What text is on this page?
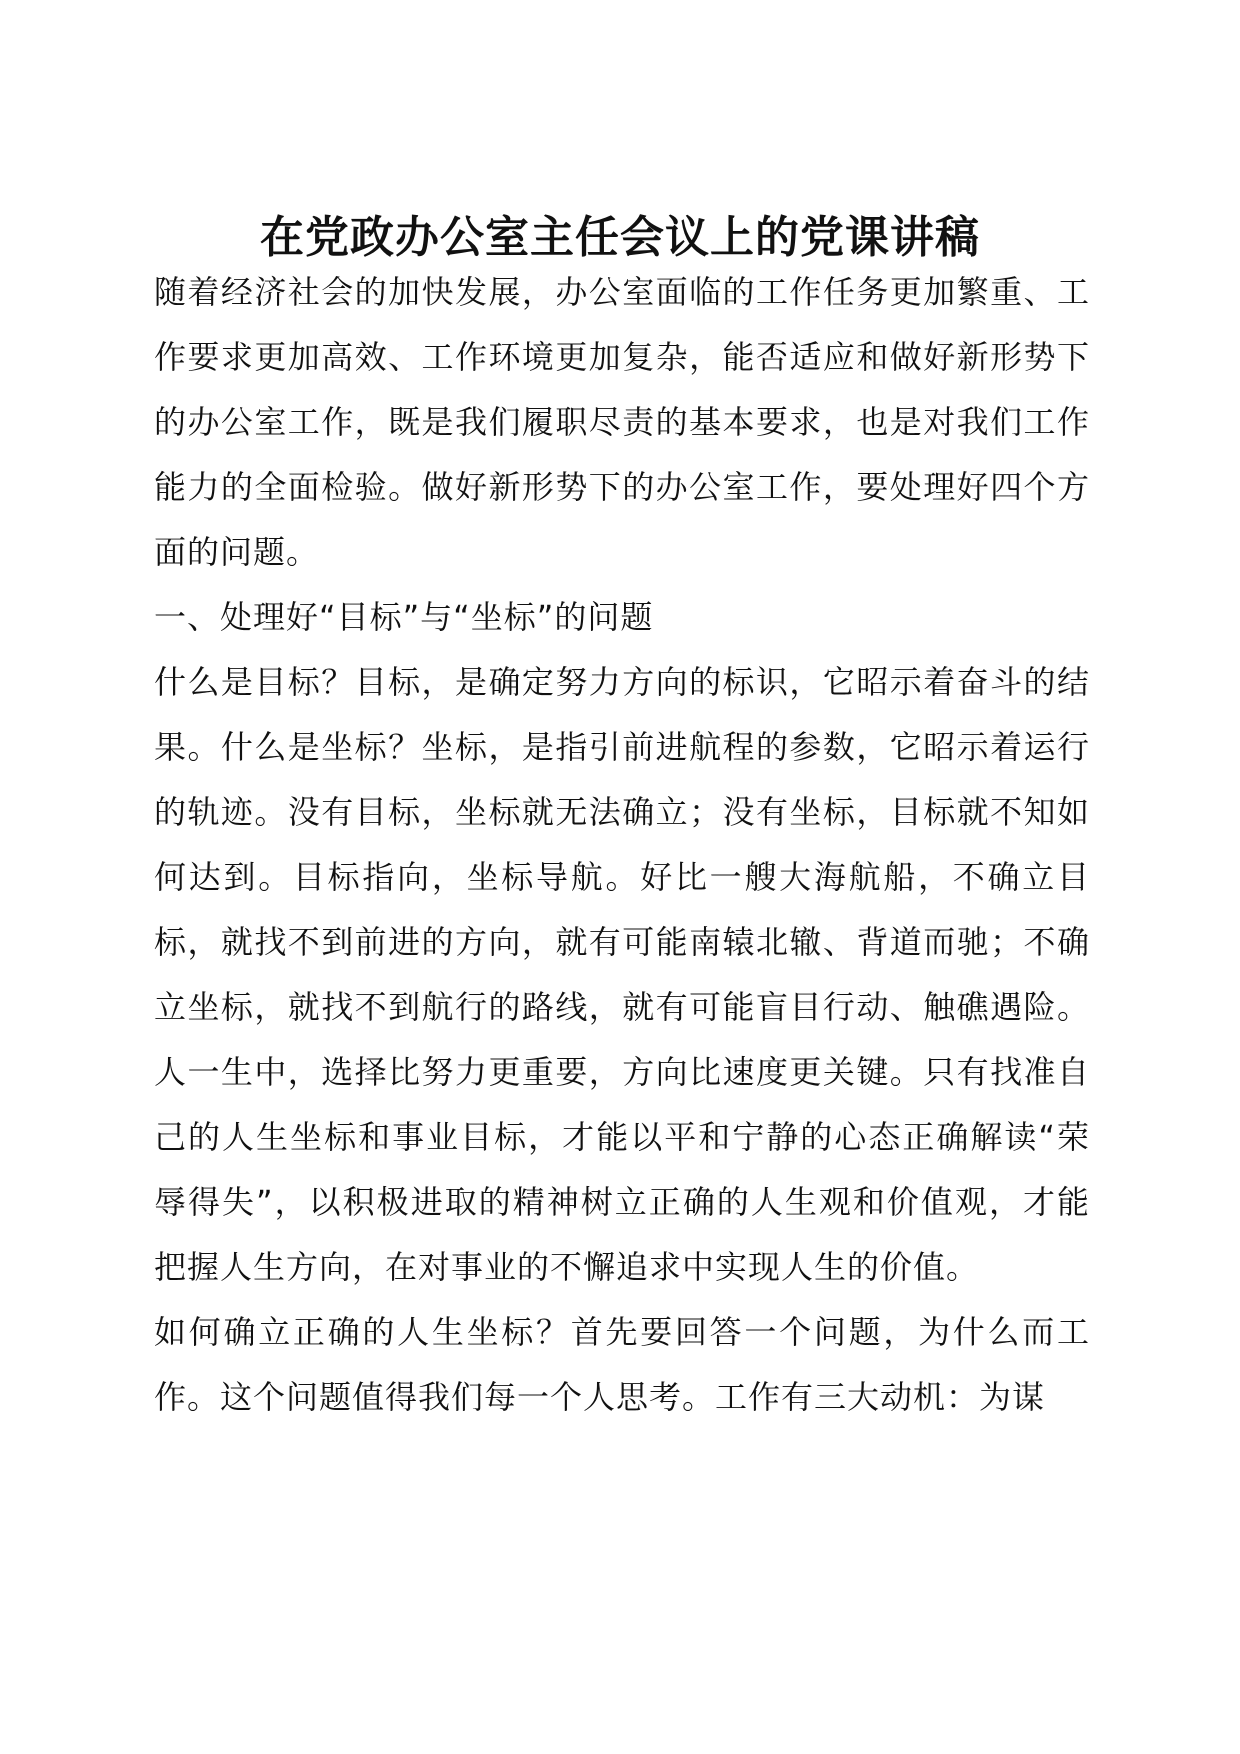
在党政办公室主任会议上的党课讲稿

随着经济社会的加快发展，办公室面临的工作任务更加繁重、工作要求更加高效、工作环境更加复杂，能否适应和做好新形势下的办公室工作，既是我们履职尽责的基本要求，也是对我们工作能力的全面检验。做好新形势下的办公室工作，要处理好四个方面的问题。

一、处理好“目标”与“坐标”的问题

什么是目标？目标，是确定努力方向的标识，它昭示着奋斗的结果。什么是坐标？坐标，是指引前进航程的参数，它昭示着运行的轨迹。没有目标，坐标就无法确立；没有坐标，目标就不知如何达到。目标指向，坐标导航。好比一艘大海航船，不确立目标，就找不到前进的方向，就有可能南辕北辙、背道而驰；不确立坐标，就找不到航行的路线，就有可能盲目行动、触礁遇险。人一生中，选择比努力更重要，方向比速度更关键。只有找准自己的人生坐标和事业目标，才能以平和宁静的心态正确解读“荣辱得失”，以积极进取的精神树立正确的人生观和价值观，才能把握人生方向，在对事业的不懈追求中实现人生的价值。

如何确立正确的人生坐标？首先要回答一个问题，为什么而工作。这个问题值得我们每一个人思考。工作有三大动机：为谋
